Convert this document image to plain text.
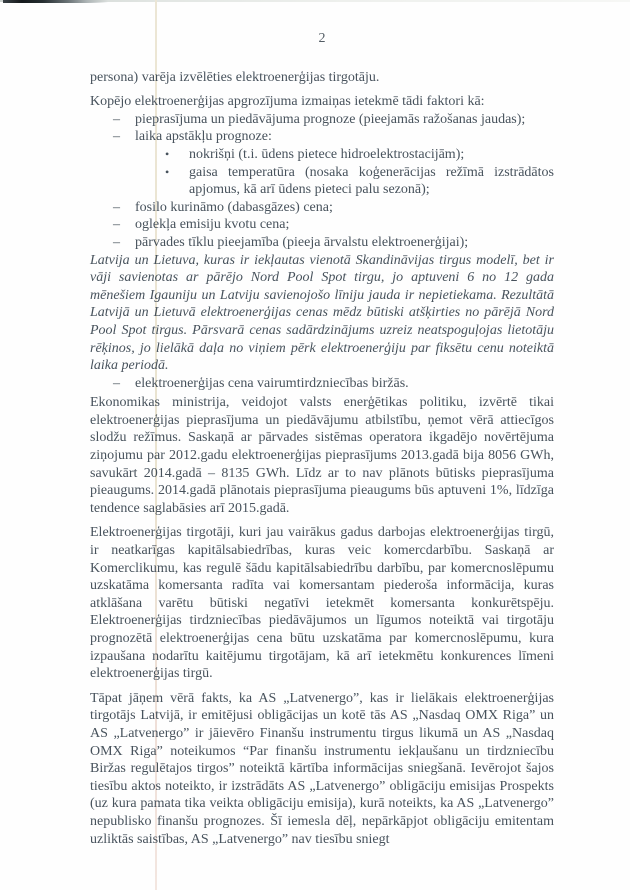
2

persona) varēja izvēlēties elektroenerģijas tirgotāju.

Kopējo elektroenerģijas apgrozījuma izmaiņas ietekmē tādi faktori kā:

–	pieprasījuma un piedāvājuma prognoze (pieejamās ražošanas jaudas);
–	laika apstākļu prognoze:
•	nokrišņi (t.i. ūdens pietece hidroelektrostacijām);
•	gaisa temperatūra (nosaka koģenerācijas režīmā izstrādātos apjomus, kā arī ūdens pieteci palu sezonā);
–	fosilo kurināmo (dabasgāzes) cena;
–	oglekļa emisiju kvotu cena;
–	pārvades tīklu pieejamība (pieeja ārvalstu elektroenerģijai);

Latvija un Lietuva, kuras ir iekļautas vienotā Skandināvijas tirgus modelī, bet ir vāji savienotas ar pārējo Nord Pool Spot tirgu, jo aptuveni 6 no 12 gada mēnešiem Igauniju un Latviju savienojošo līniju jauda ir nepietiekama. Rezultātā Latvijā un Lietuvā elektroenerģijas cenas mēdz būtiski atšķirties no pārējā Nord Pool Spot tirgus. Pārsvarā cenas sadārdzinājums uzreiz neatspoguļojas lietotāju rēķinos, jo lielākā daļa no viņiem pērk elektroenerģiju par fiksētu cenu noteiktā laika periodā.

–	elektroenerģijas cena vairumtirdzniecības biržās.

Ekonomikas ministrija, veidojot valsts enerģētikas politiku, izvērtē tikai elektroenerģijas pieprasījuma un piedāvājumu atbilstību, ņemot vērā attiecīgos slodžu režīmus. Saskaņā ar pārvades sistēmas operatora ikgadējo novērtējuma ziņojumu par 2012.gadu elektroenerģijas pieprasījums 2013.gadā bija 8056 GWh, savukārt 2014.gadā – 8135 GWh. Līdz ar to nav plānots būtisks pieprasījuma pieaugums. 2014.gadā plānotais pieprasījuma pieaugums būs aptuveni 1%, līdzīga tendence saglabāsies arī 2015.gadā.

Elektroenerģijas tirgotāji, kuri jau vairākus gadus darbojas elektroenerģijas tirgū, ir neatkarīgas kapitālsabiedrības, kuras veic komercdarbību. Saskaņā ar Komerclikumu, kas regulē šādu kapitālsabiedrību darbību, par komercnoslēpumu uzskatāma komersanta radīta vai komersantam piederoša informācija, kuras atklāšana varētu būtiski negatīvi ietekmēt komersanta konkurētspēju. Elektroenerģijas tirdzniecības piedāvājumos un līgumos noteiktā vai tirgotāju prognozētā elektroenerģijas cena būtu uzskatāma par komercnoslēpumu, kura izpaušana nodarītu kaitējumu tirgotājam, kā arī ietekmētu konkurences līmeni elektroenerģijas tirgū.

Tāpat jāņem vērā fakts, ka AS „Latvenergo”, kas ir lielākais elektroenerģijas tirgotājs Latvijā, ir emitējusi obligācijas un kotē tās AS „Nasdaq OMX Riga” un AS „Latvenergo” ir jāievēro Finanšu instrumentu tirgus likumā un AS „Nasdaq OMX Riga” noteikumos “Par finanšu instrumentu iekļaušanu un tirdzniecību Biržas regulētajos tirgos” noteiktā kārtība informācijas sniegšanā. Ievērojot šajos tiesību aktos noteikto, ir izstrādāts AS „Latvenergo” obligāciju emisijas Prospekts (uz kura pamata tika veikta obligāciju emisija), kurā noteikts, ka AS „Latvenergo” nepublisko finanšu prognozes. Šī iemesla dēļ, nepārkāpjot obligāciju emitentam uzliktās saistības, AS „Latvenergo” nav tiesību sniegt
